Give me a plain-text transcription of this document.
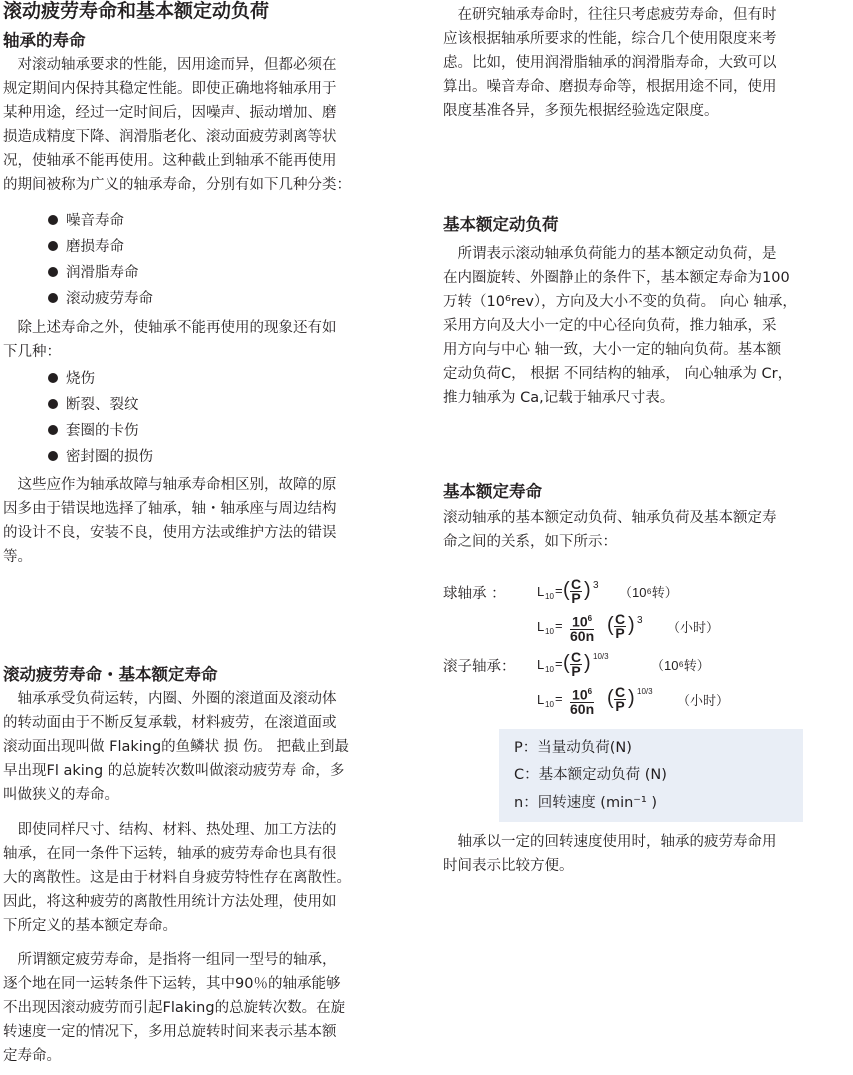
滚动疲劳寿命和基本额定动负荷
轴承的寿命
　对滚动轴承要求的性能，因用途而异，但都必须在
规定期间内保持其稳定性能。即使正确地将轴承用于
某种用途，经过一定时间后，因噪声、振动增加、磨
损造成精度下降、润滑脂老化、滚动面疲劳剥离等状
况，使轴承不能再使用。这种截止到轴承不能再使用
的期间被称为广义的轴承寿命，分别有如下几种分类：
噪音寿命
磨损寿命
润滑脂寿命
滚动疲劳寿命
　除上述寿命之外，使轴承不能再使用的现象还有如
下几种：
烧伤
断裂、裂纹
套圈的卡伤
密封圈的损伤
　这些应作为轴承故障与轴承寿命相区别，故障的原
因多由于错误地选择了轴承，轴・轴承座与周边结构
的设计不良，安装不良，使用方法或维护方法的错误
等。
滚动疲劳寿命・基本额定寿命
　轴承承受负荷运转，内圈、外圈的滚道面及滚动体
的转动面由于不断反复承载，材料疲劳，在滚道面或
滚动面出现叫做 Flaking的鱼鳞状 损 伤。 把截止到最
早出现Fl aking 的总旋转次数叫做滚动疲劳寿 命，多
叫做狭义的寿命。
　即使同样尺寸、结构、材料、热处理、加工方法的
轴承，在同一条件下运转，轴承的疲劳寿命也具有很
大的离散性。这是由于材料自身疲劳特性存在离散性。
因此，将这种疲劳的离散性用统计方法处理，使用如
下所定义的基本额定寿命。
　所谓额定疲劳寿命，是指将一组同一型号的轴承，
逐个地在同一运转条件下运转，其中90％的轴承能够
不出现因滚动疲劳而引起Flaking的总旋转次数。在旋
转速度一定的情况下，多用总旋转时间来表示基本额
定寿命。
　在研究轴承寿命时，往往只考虑疲劳寿命，但有时
应该根据轴承所要求的性能，综合几个使用限度来考
虑。比如，使用润滑脂轴承的润滑脂寿命，大致可以
算出。噪音寿命、磨损寿命等，根据用途不同，使用
限度基准各异，多预先根据经验选定限度。
基本额定动负荷
　所谓表示滚动轴承负荷能力的基本额定动负荷，是
在内圈旋转、外圈静止的条件下，基本额定寿命为100
万转（10⁶rev），方向及大小不变的负荷。 向心 轴承，
采用方向及大小一定的中心径向负荷，推力轴承，采
用方向与中心 轴一致，大小一定的轴向负荷。基本额
定动负荷C， 根据 不同结构的轴承， 向心轴承为 Cr，
推力轴承为 Ca,记载于轴承尺寸表。
基本额定寿命
滚动轴承的基本额定动负荷、轴承负荷及基本额定寿
命之间的关系，如下所示：
球轴承 ： L 10 = ( $\frac{C}{P}$ ) 3 （10⁶转）
L $10 = \frac{10^6}{60n}$ ( $\frac{C}{P}$ ) 3 （小时）
滚子轴承： L 10 = ( $\frac{C}{P}$ ) 10/3
（10⁶转）
L $10 = \frac{10^6}{60n}$ ( $\frac{C}{P}$ ) 10/3
（小时）
P：当量动负荷(N)
C：基本额定动负荷 (N)
n：回转速度 (min⁻¹ )
　轴承以一定的回转速度使用时，轴承的疲劳寿命用
时间表示比较方便。
